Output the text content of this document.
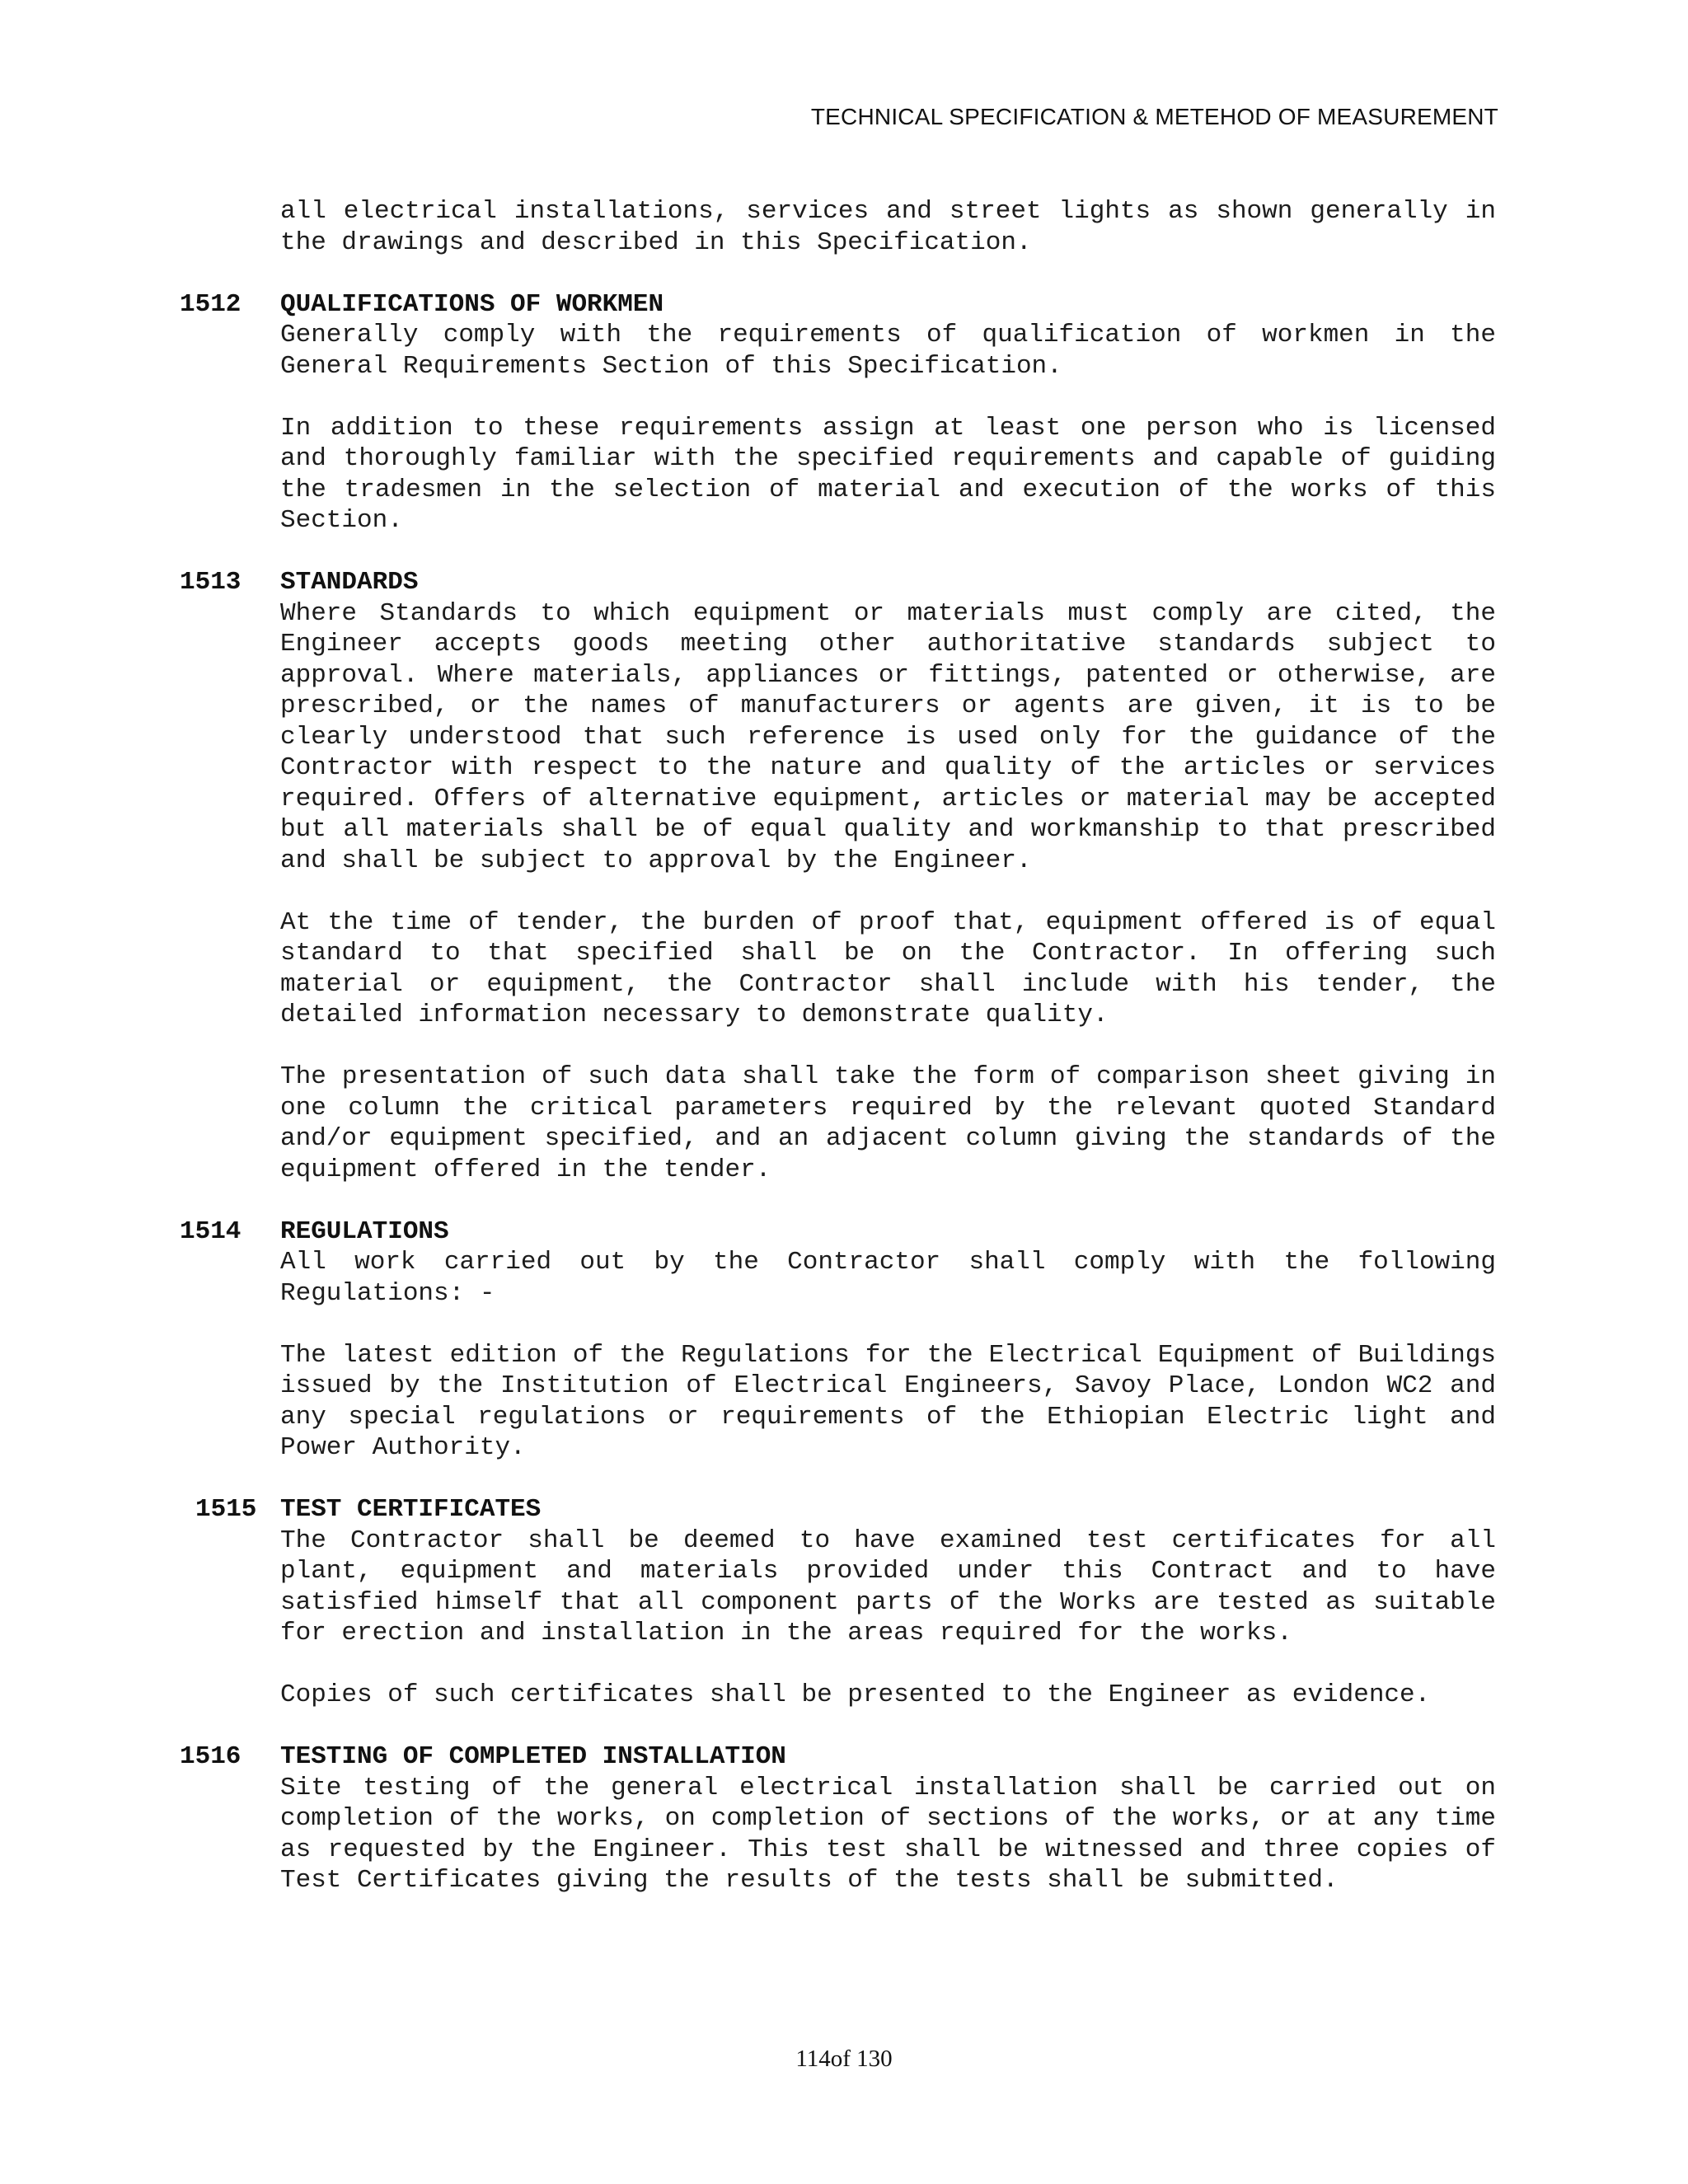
TECHNICAL SPECIFICATION & METEHOD OF MEASUREMENT

all electrical installations, services and street lights as shown generally in the drawings and described in this Specification.

1512 QUALIFICATIONS OF WORKMEN

Generally comply with the requirements of qualification of workmen in the General Requirements Section of this Specification.

In addition to these requirements assign at least one person who is licensed and thoroughly familiar with the specified requirements and capable of guiding the tradesmen in the selection of material and execution of the works of this Section.

1513 STANDARDS

Where Standards to which equipment or materials must comply are cited, the Engineer accepts goods meeting other authoritative standards subject to approval. Where materials, appliances or fittings, patented or otherwise, are prescribed, or the names of manufacturers or agents are given, it is to be clearly understood that such reference is used only for the guidance of the Contractor with respect to the nature and quality of the articles or services required. Offers of alternative equipment, articles or material may be accepted but all materials shall be of equal quality and workmanship to that prescribed and shall be subject to approval by the Engineer.

At the time of tender, the burden of proof that, equipment offered is of equal standard to that specified shall be on the Contractor. In offering such material or equipment, the Contractor shall include with his tender, the detailed information necessary to demonstrate quality.

The presentation of such data shall take the form of comparison sheet giving in one column the critical parameters required by the relevant quoted Standard and/or equipment specified, and an adjacent column giving the standards of the equipment offered in the tender.

1514 REGULATIONS

All work carried out by the Contractor shall comply with the following Regulations: -

The latest edition of the Regulations for the Electrical Equipment of Buildings issued by the Institution of Electrical Engineers, Savoy Place, London WC2 and any special regulations or requirements of the Ethiopian Electric light and Power Authority.

1515 TEST CERTIFICATES

The Contractor shall be deemed to have examined test certificates for all plant, equipment and materials provided under this Contract and to have satisfied himself that all component parts of the Works are tested as suitable for erection and installation in the areas required for the works.

Copies of such certificates shall be presented to the Engineer as evidence.

1516 TESTING OF COMPLETED INSTALLATION

Site testing of the general electrical installation shall be carried out on completion of the works, on completion of sections of the works, or at any time as requested by the Engineer. This test shall be witnessed and three copies of Test Certificates giving the results of the tests shall be submitted.

114of 130
